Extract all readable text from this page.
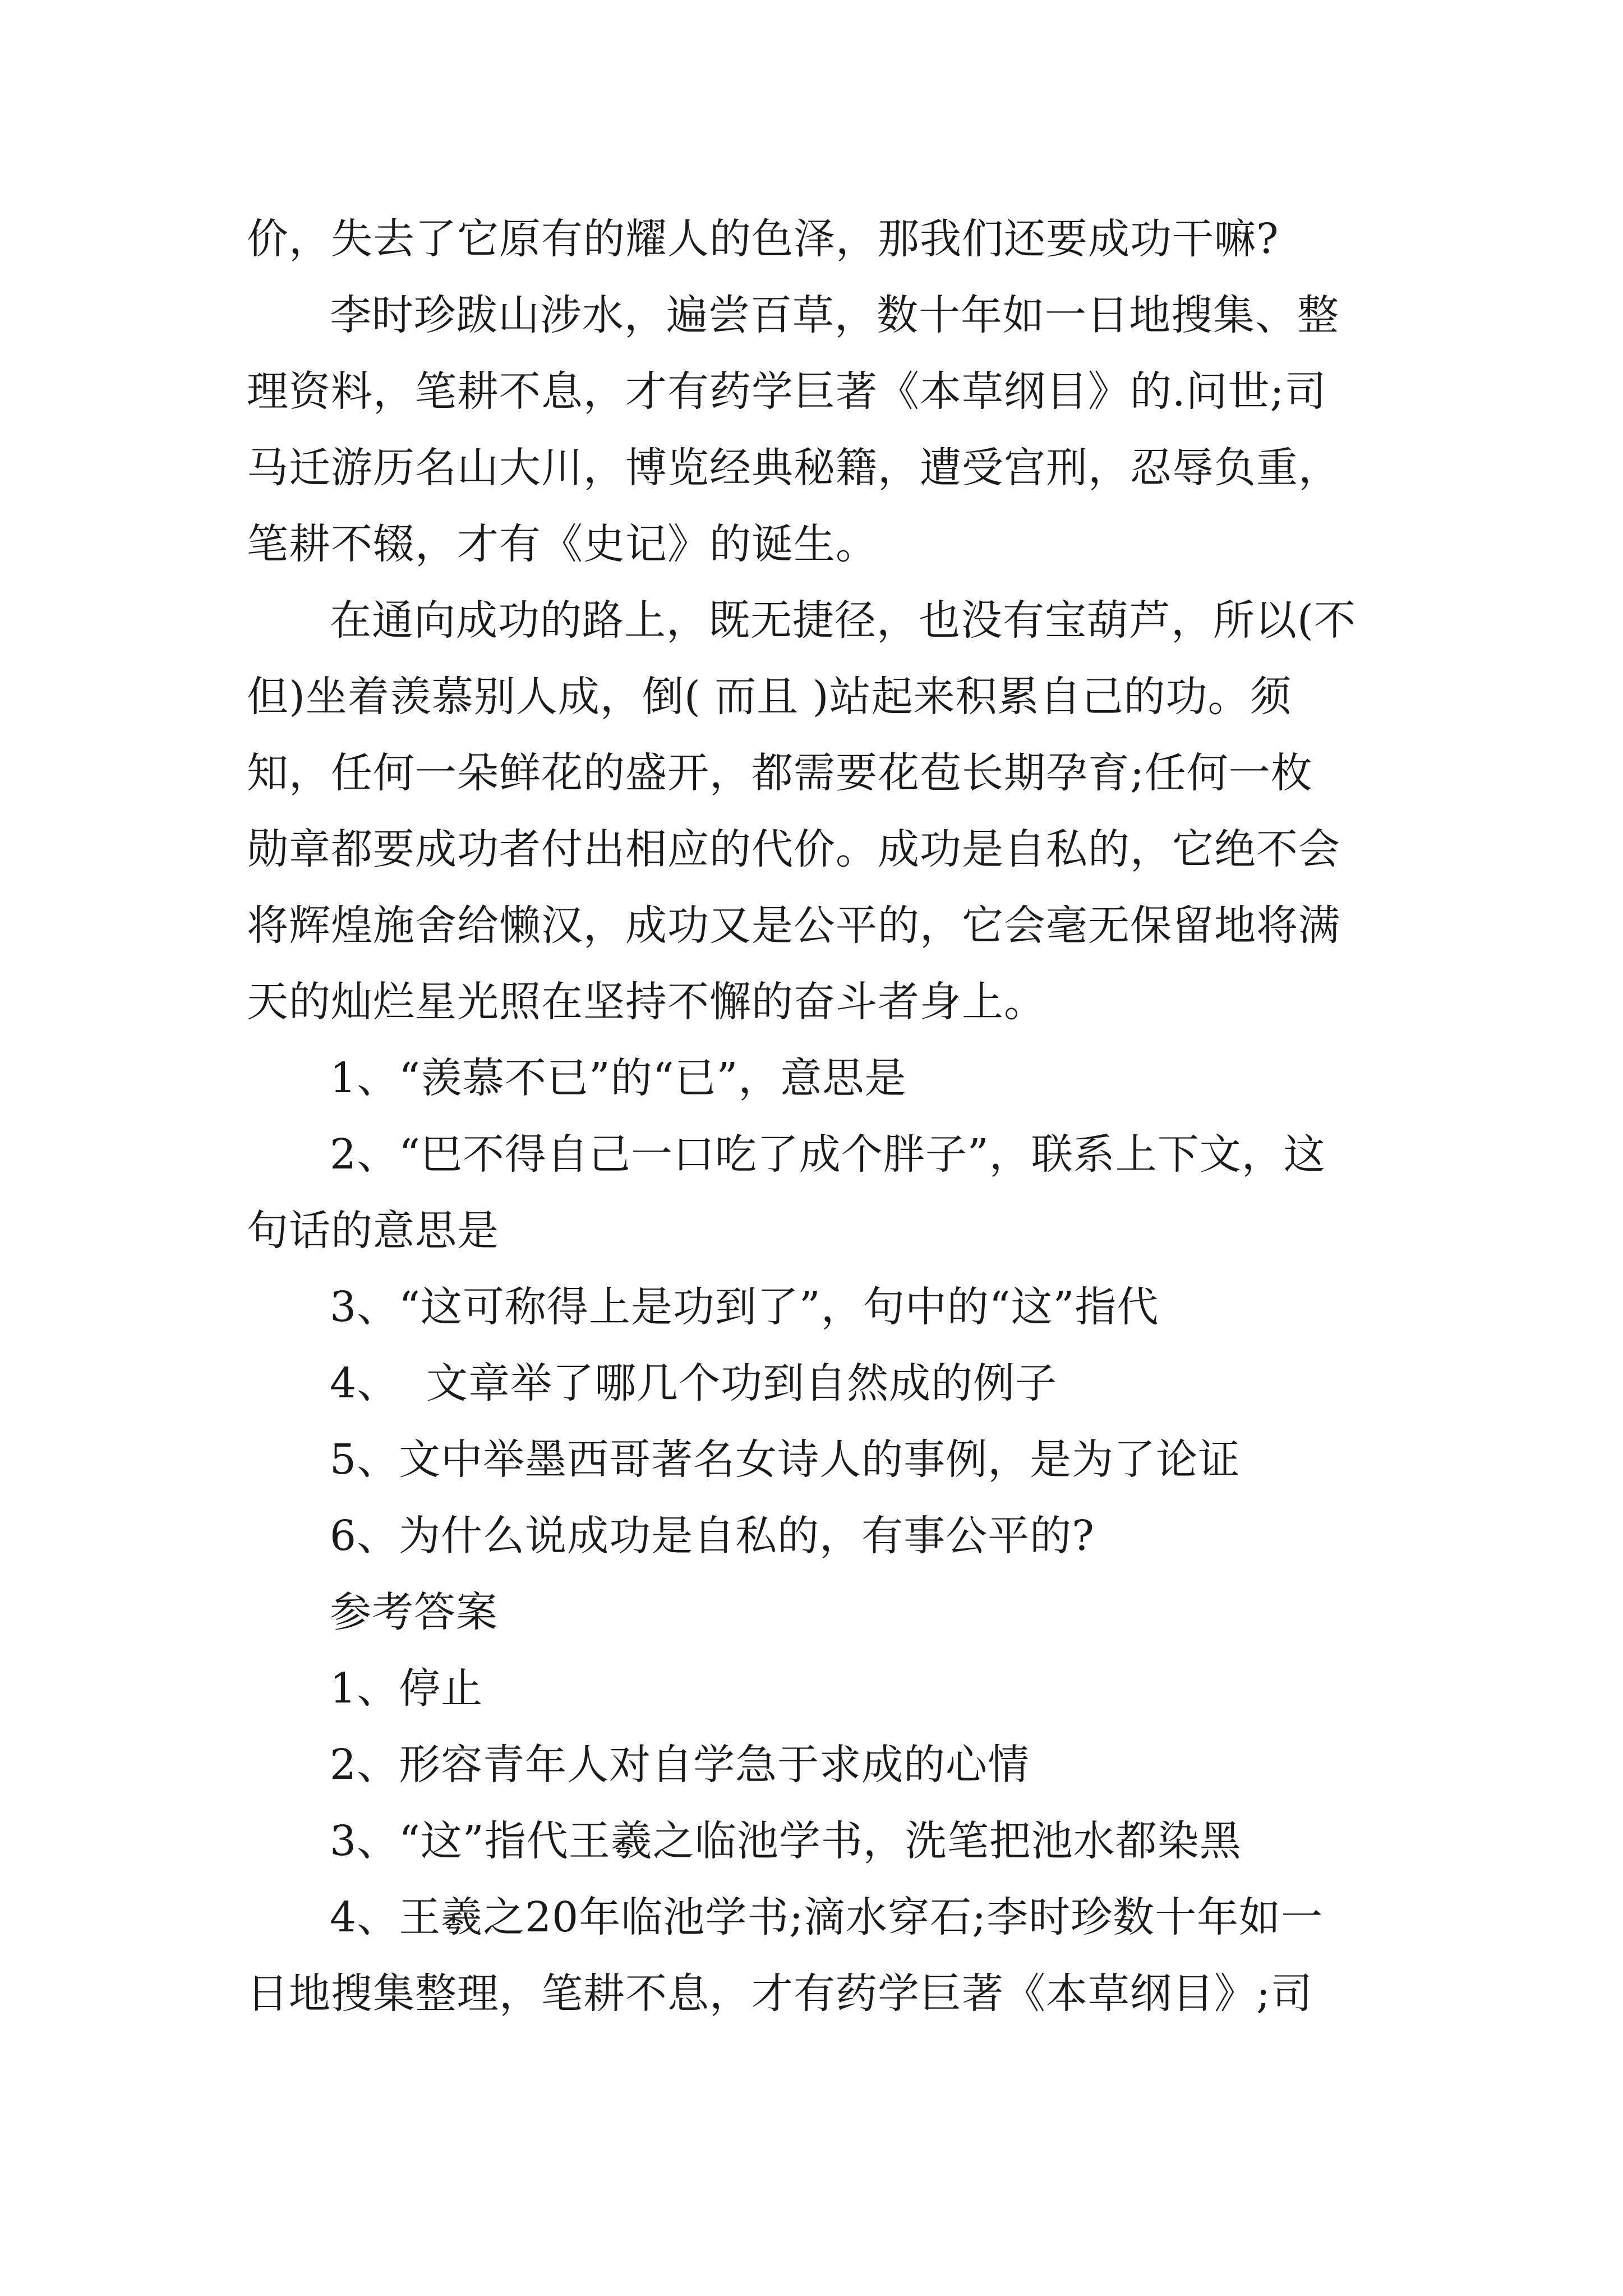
价，失去了它原有的耀人的色泽，那我们还要成功干嘛?

李时珍跋山涉水，遍尝百草，数十年如一日地搜集、整
理资料，笔耕不息，才有药学巨著《本草纲目》的.问世;司
马迁游历名山大川，博览经典秘籍，遭受宫刑，忍辱负重，
笔耕不辍，才有《史记》的诞生。

在通向成功的路上，既无捷径，也没有宝葫芦，所以(不
但)坐着羡慕别人成，倒( 而且 )站起来积累自己的功。须
知，任何一朵鲜花的盛开，都需要花苞长期孕育;任何一枚
勋章都要成功者付出相应的代价。成功是自私的，它绝不会
将辉煌施舍给懒汉，成功又是公平的，它会毫无保留地将满
天的灿烂星光照在坚持不懈的奋斗者身上。

1、“羡慕不已”的“已”，意思是
2、“巴不得自己一口吃了成个胖子”，联系上下文，这
句话的意思是
3、“这可称得上是功到了”，句中的“这”指代
4、  文章举了哪几个功到自然成的例子
5、文中举墨西哥著名女诗人的事例，是为了论证
6、为什么说成功是自私的，有事公平的?
参考答案
1、停止
2、形容青年人对自学急于求成的心情
3、“这”指代王羲之临池学书，洗笔把池水都染黑
4、王羲之20年临池学书;滴水穿石;李时珍数十年如一
日地搜集整理，笔耕不息，才有药学巨著《本草纲目》;司
